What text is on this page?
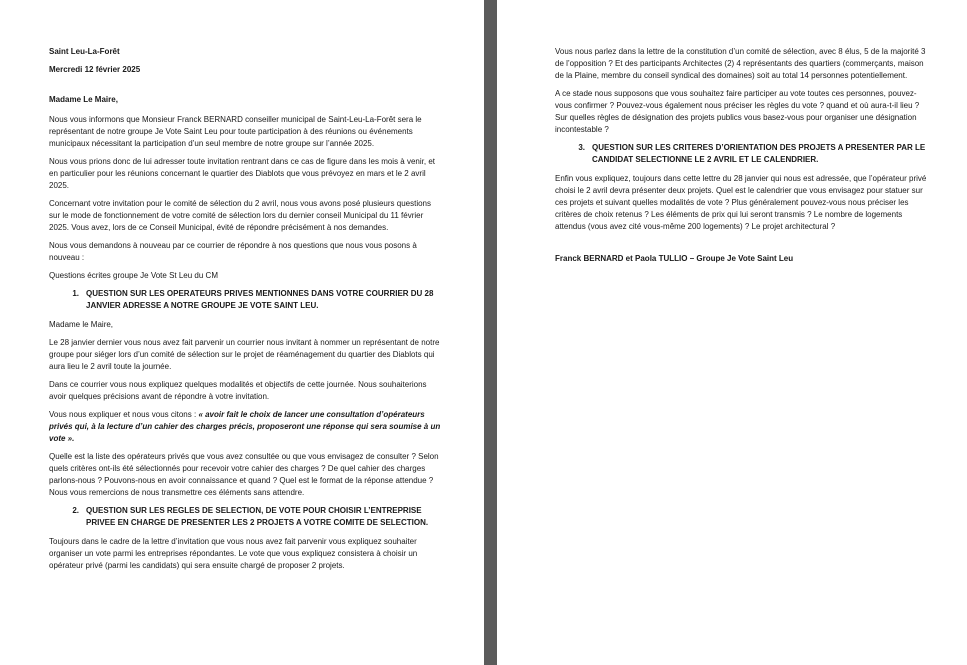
Saint Leu-La-Forêt

Mercredi 12 février 2025

Madame Le Maire,

Nous vous informons que Monsieur Franck BERNARD conseiller municipal de Saint-Leu-La-Forêt sera le représentant de notre groupe Je Vote Saint Leu pour toute participation à des réunions ou événements municipaux nécessitant la participation d’un seul membre de notre groupe sur l’année 2025.

Nous vous prions donc de lui adresser toute invitation rentrant dans ce cas de figure dans les mois à venir, et en particulier pour les réunions concernant le quartier des Diablots que vous prévoyez en mars et le 2 avril 2025.

Concernant votre invitation pour le comité de sélection du 2 avril, nous vous avons posé plusieurs questions sur le mode de fonctionnement de votre comité de sélection lors du dernier conseil Municipal du 11 février 2025. Vous avez, lors de ce Conseil Municipal, évité de répondre précisément à nos demandes.

Nous vous demandons à nouveau par ce courrier de répondre à nos questions que nous vous posons à nouveau :

Questions écrites groupe Je Vote St Leu du CM

1. QUESTION SUR LES OPERATEURS PRIVES MENTIONNES DANS VOTRE COURRIER DU 28 JANVIER ADRESSE A NOTRE GROUPE JE VOTE SAINT LEU.

Madame le Maire,

Le 28 janvier dernier vous nous avez fait parvenir un courrier nous invitant à nommer un représentant de notre groupe pour siéger lors d’un comité de sélection sur le projet de réaménagement du quartier des Diablots qui aura lieu le 2 avril toute la journée.

Dans ce courrier vous nous expliquez quelques modalités et objectifs de cette journée. Nous souhaiterions avoir quelques précisions avant de répondre à votre invitation.

Vous nous expliquer et nous vous citons : « avoir fait le choix de lancer une consultation d’opérateurs privés qui, à la lecture d’un cahier des charges précis, proposeront une réponse qui sera soumise à un vote ».

Quelle est la liste des opérateurs privés que vous avez consultée ou que vous envisagez de consulter ? Selon quels critères ont-ils été sélectionnés pour recevoir votre cahier des charges ? De quel cahier des charges parlons-nous ? Pouvons-nous en avoir connaissance et quand ? Quel est le format de la réponse attendue ? Nous vous remercions de nous transmettre ces éléments sans attendre.

2. QUESTION SUR LES REGLES DE SELECTION, DE VOTE POUR CHOISIR L’ENTREPRISE PRIVEE EN CHARGE DE PRESENTER LES 2 PROJETS A VOTRE COMITE DE SELECTION.

Toujours dans le cadre de la lettre d’invitation que vous nous avez fait parvenir vous expliquez souhaiter organiser un vote parmi les entreprises répondantes. Le vote que vous expliquez consistera à choisir un opérateur privé (parmi les candidats) qui sera ensuite chargé de proposer 2 projets.

Vous nous parlez dans la lettre de la constitution d’un comité de sélection, avec 8 élus, 5 de la majorité 3 de l’opposition ? Et des participants Architectes (2) 4 représentants des quartiers (commerçants, maison de la Plaine, membre du conseil syndical des domaines) soit au total 14 personnes potentiellement.

A ce stade nous supposons que vous souhaitez faire participer au vote toutes ces personnes, pouvez-vous confirmer ? Pouvez-vous également nous préciser les règles du vote ? quand et où aura-t-il lieu ? Sur quelles règles de désignation des projets publics vous basez-vous pour organiser une désignation incontestable ?

3. QUESTION SUR LES CRITERES D’ORIENTATION DES PROJETS A PRESENTER PAR LE CANDIDAT SELECTIONNE LE 2 AVRIL ET LE CALENDRIER.

Enfin vous expliquez, toujours dans cette lettre du 28 janvier qui nous est adressée, que l’opérateur privé choisi le 2 avril devra présenter deux projets. Quel est le calendrier que vous envisagez pour statuer sur ces projets et suivant quelles modalités de vote ? Plus généralement pouvez-vous nous préciser les critères de choix retenus ? Les éléments de prix qui lui seront transmis ? Le nombre de logements attendus (vous avez cité vous-même 200 logements) ? Le projet architectural ?

Franck BERNARD et Paola TULLIO – Groupe Je Vote Saint Leu
